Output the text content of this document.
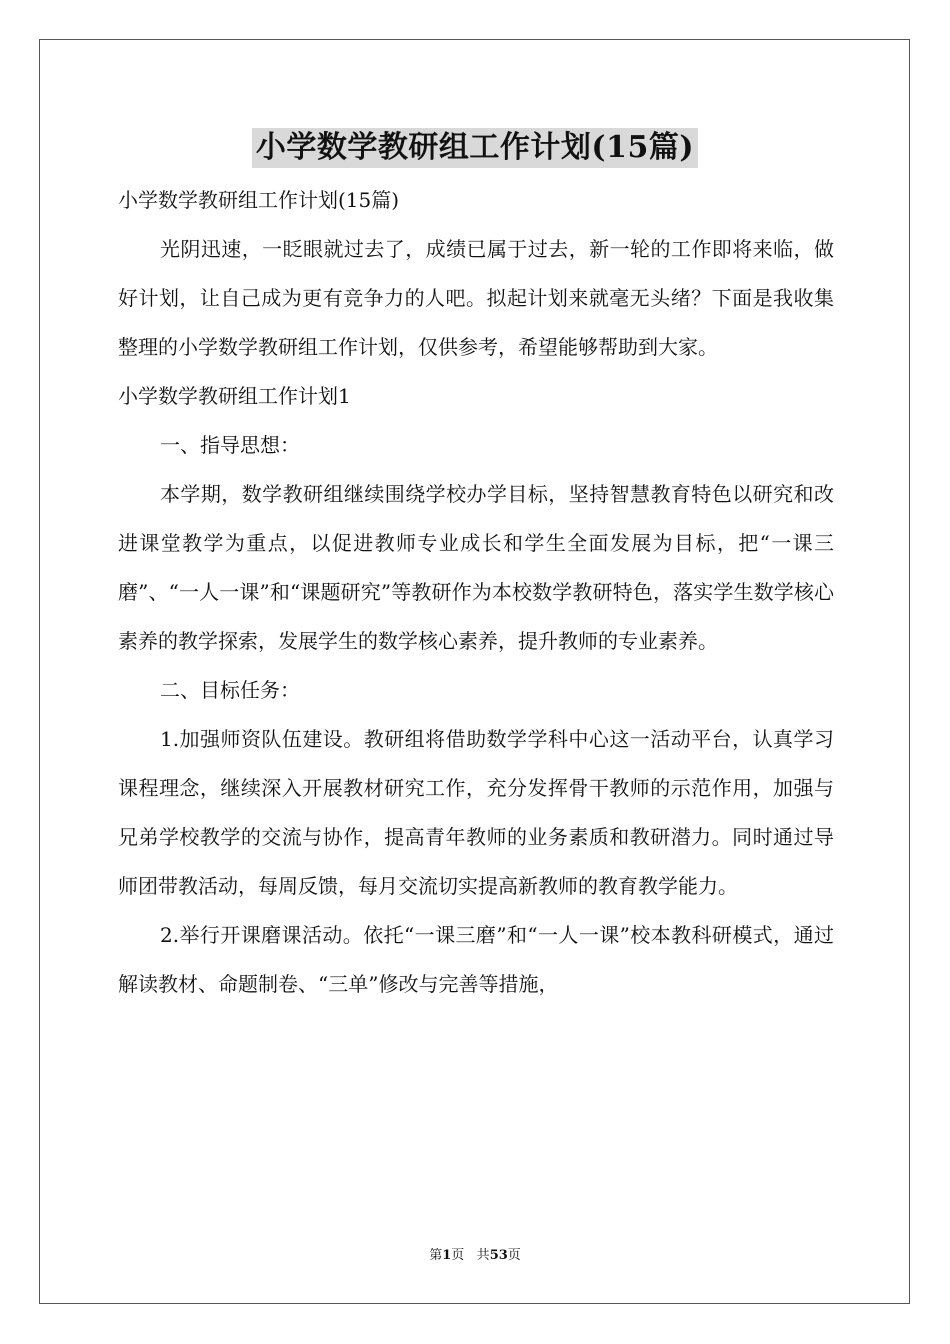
小学数学教研组工作计划(15篇)

小学数学教研组工作计划(15篇)

光阴迅速，一眨眼就过去了，成绩已属于过去，新一轮的工作即将来临，做好计划，让自己成为更有竞争力的人吧。拟起计划来就毫无头绪？下面是我收集整理的小学数学教研组工作计划，仅供参考，希望能够帮助到大家。

小学数学教研组工作计划1

一、指导思想：

本学期，数学教研组继续围绕学校办学目标，坚持智慧教育特色以研究和改进课堂教学为重点，以促进教师专业成长和学生全面发展为目标，把“一课三磨”、“一人一课”和“课题研究”等教研作为本校数学教研特色，落实学生数学核心素养的教学探索，发展学生的数学核心素养，提升教师的专业素养。

二、目标任务：

1.加强师资队伍建设。教研组将借助数学学科中心这一活动平台，认真学习课程理念，继续深入开展教材研究工作，充分发挥骨干教师的示范作用，加强与兄弟学校教学的交流与协作，提高青年教师的业务素质和教研潜力。同时通过导师团带教活动，每周反馈，每月交流切实提高新教师的教育教学能力。

2.举行开课磨课活动。依托“一课三磨”和“一人一课”校本教科研模式，通过解读教材、命题制卷、“三单”修改与完善等措施，

第1页 共53页
